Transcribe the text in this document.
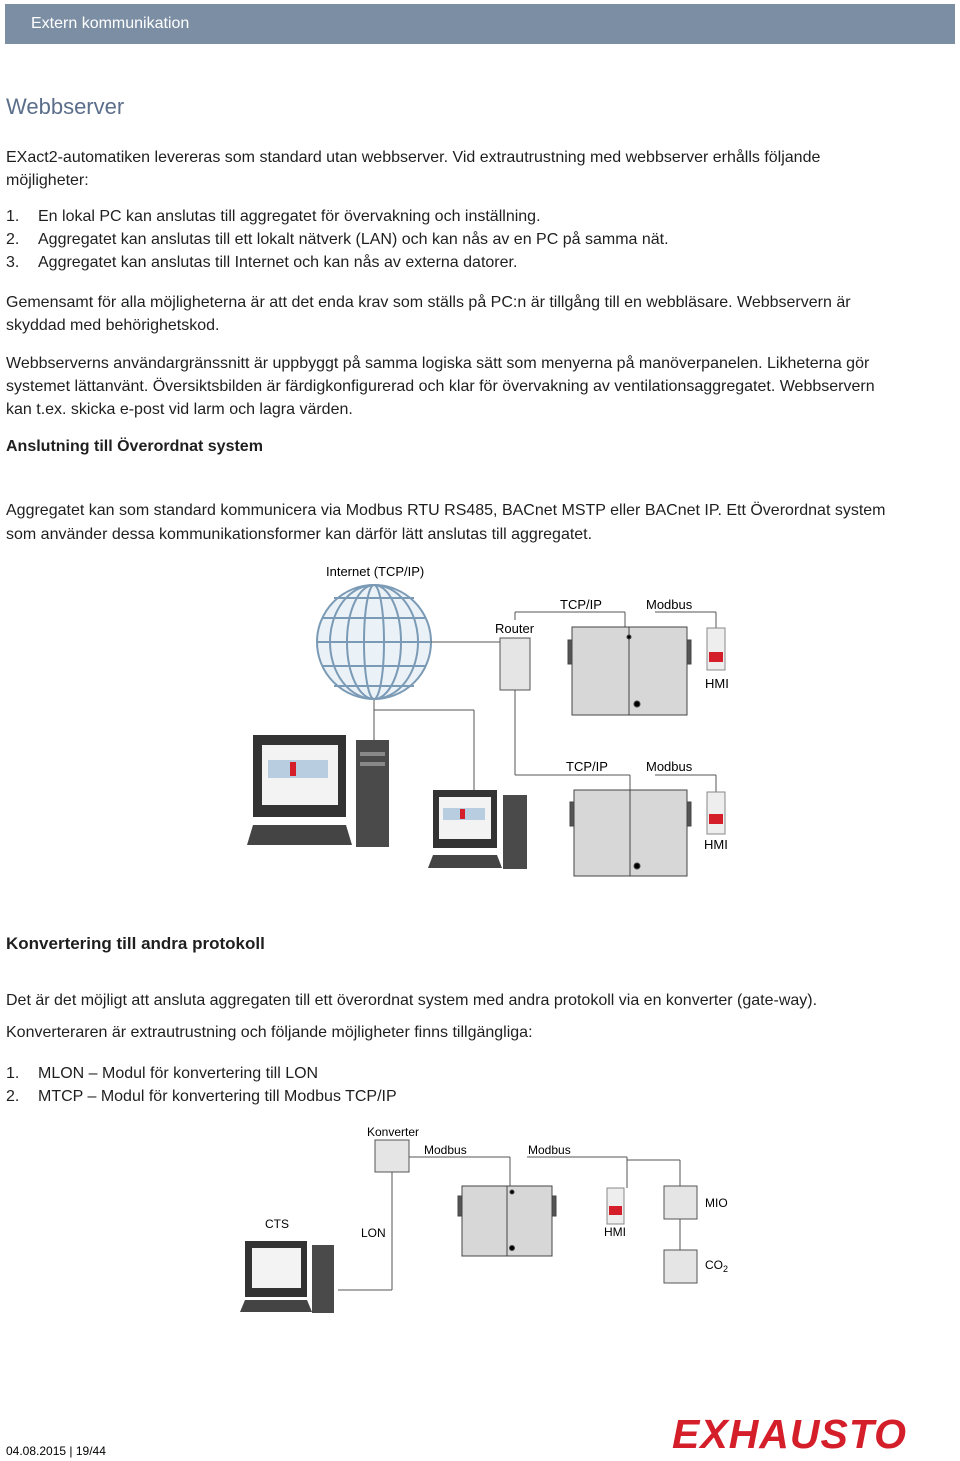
Extern kommunikation
Webbserver
EXact2-automatiken levereras som standard utan webbserver. Vid extrautrustning med webbserver erhålls följande
möjligheter:
1. En lokal PC kan anslutas till aggregatet för övervakning och inställning.
2. Aggregatet kan anslutas till ett lokalt nätverk (LAN) och kan nås av en PC på samma nät.
3. Aggregatet kan anslutas till Internet och kan nås av externa datorer.
Gemensamt för alla möjligheterna är att det enda krav som ställs på PC:n är tillgång till en webbläsare. Webbservern är
skyddad med behörighetskod.
Webbserverns användargränssnitt är uppbyggt på samma logiska sätt som menyerna på manöverpanelen. Likheterna gör
systemet lättanvänt. Översiktsbilden är färdigkonfigurerad och klar för övervakning av ventilationsaggregatet. Webbservern
kan t.ex. skicka e-post vid larm och lagra värden.
Anslutning till Överordnat system
Aggregatet kan som standard kommunicera via Modbus RTU RS485, BACnet MSTP eller BACnet IP. Ett Överordnat system
som använder dessa kommunikationsformer kan därför lätt anslutas till aggregatet.
Internet (TCP/IP)
Router
TCP/IP	Modbus
HMI
TCP/IP	Modbus
HMI
Konvertering till andra protokoll
Det är det möjligt att ansluta aggregaten till ett överordnat system med andra protokoll via en konverter (gate-way).
Konverteraren är extrautrustning och följande möjligheter finns tillgängliga:
1. MLON – Modul för konvertering till LON
2. MTCP – Modul för konvertering till Modbus TCP/IP
Konverter
Modbus	Modbus
CTS
LON	HMI
MIO
$CO_2$
04.08.2015 | 19/44	EXHAUSTO
